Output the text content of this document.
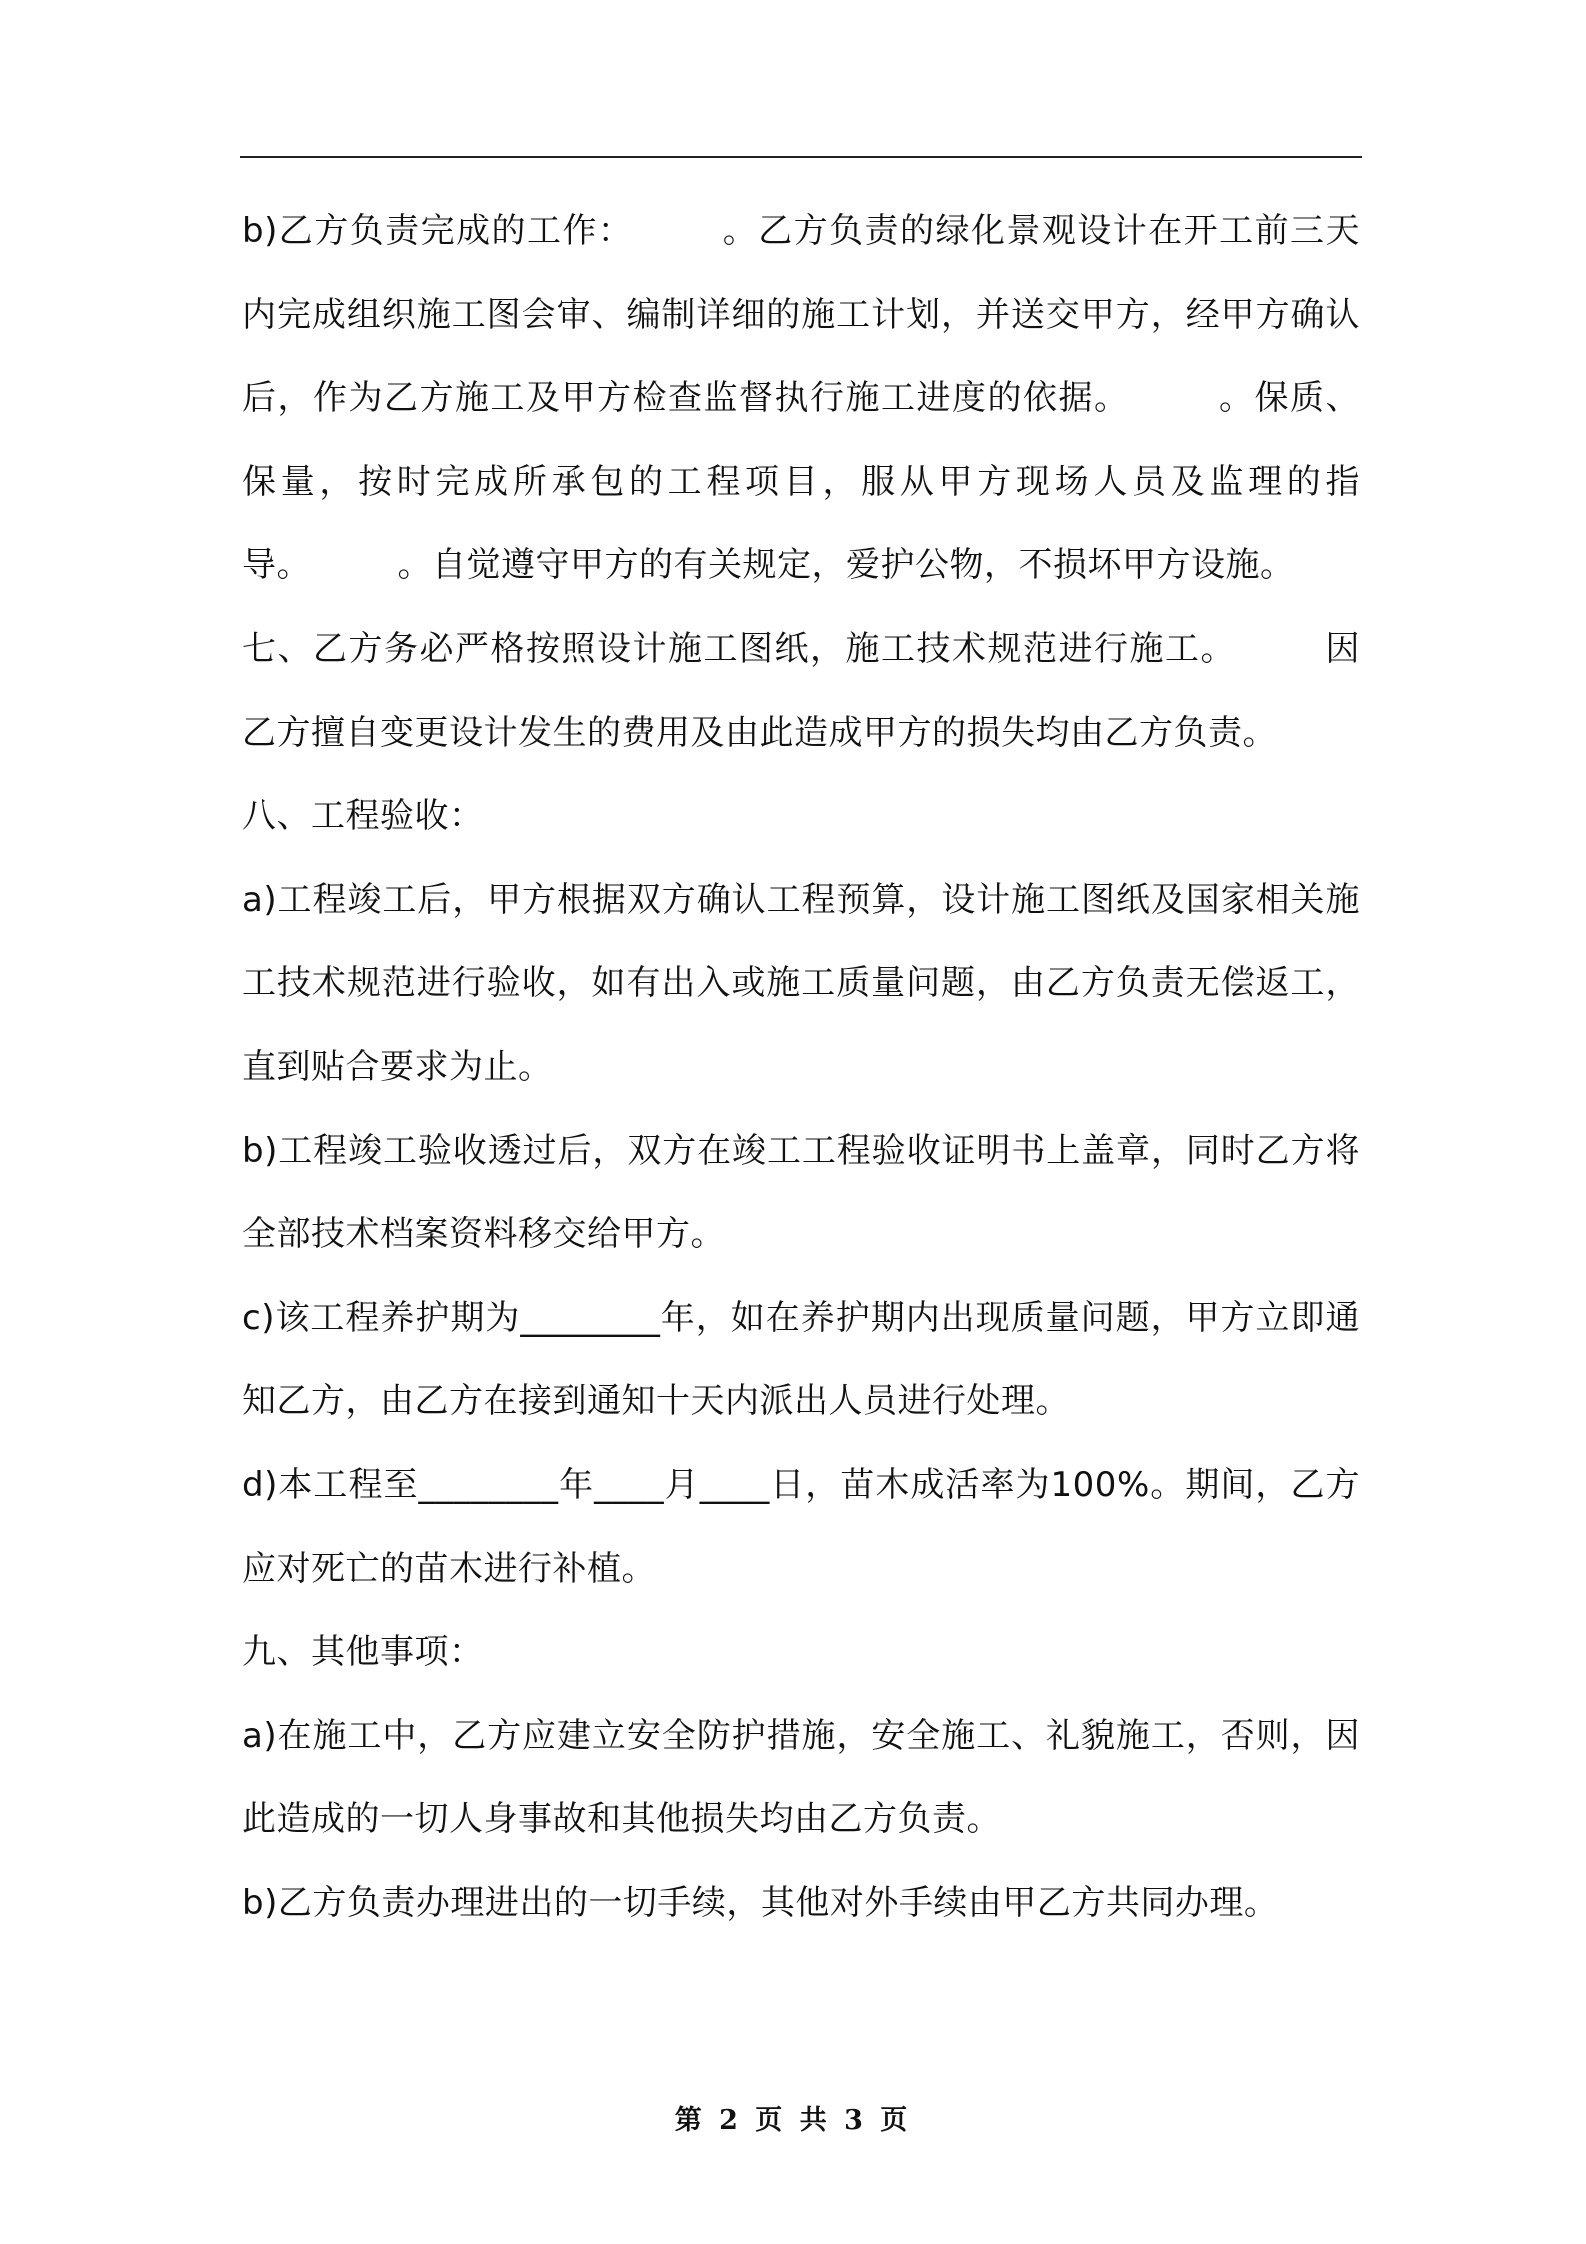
b)乙方负责完成的工作：　　　。乙方负责的绿化景观设计在开工前三天内完成组织施工图会审、编制详细的施工计划，并送交甲方，经甲方确认后，作为乙方施工及甲方检查监督执行施工进度的依据。　　　。保质、保量，按时完成所承包的工程项目，服从甲方现场人员及监理的指导。　　　。自觉遵守甲方的有关规定，爱护公物，不损坏甲方设施。

七、乙方务必严格按照设计施工图纸，施工技术规范进行施工。　　　因乙方擅自变更设计发生的费用及由此造成甲方的损失均由乙方负责。

八、工程验收：

a)工程竣工后，甲方根据双方确认工程预算，设计施工图纸及国家相关施工技术规范进行验收，如有出入或施工质量问题，由乙方负责无偿返工，直到贴合要求为止。

b)工程竣工验收透过后，双方在竣工工程验收证明书上盖章，同时乙方将全部技术档案资料移交给甲方。

c)该工程养护期为________年，如在养护期内出现质量问题，甲方立即通知乙方，由乙方在接到通知十天内派出人员进行处理。

d)本工程至________年____月____日，苗木成活率为100%。期间，乙方应对死亡的苗木进行补植。

九、其他事项：

a)在施工中，乙方应建立安全防护措施，安全施工、礼貌施工，否则，因此造成的一切人身事故和其他损失均由乙方负责。

b)乙方负责办理进出的一切手续，其他对外手续由甲乙方共同办理。

第 2 页 共 3 页
